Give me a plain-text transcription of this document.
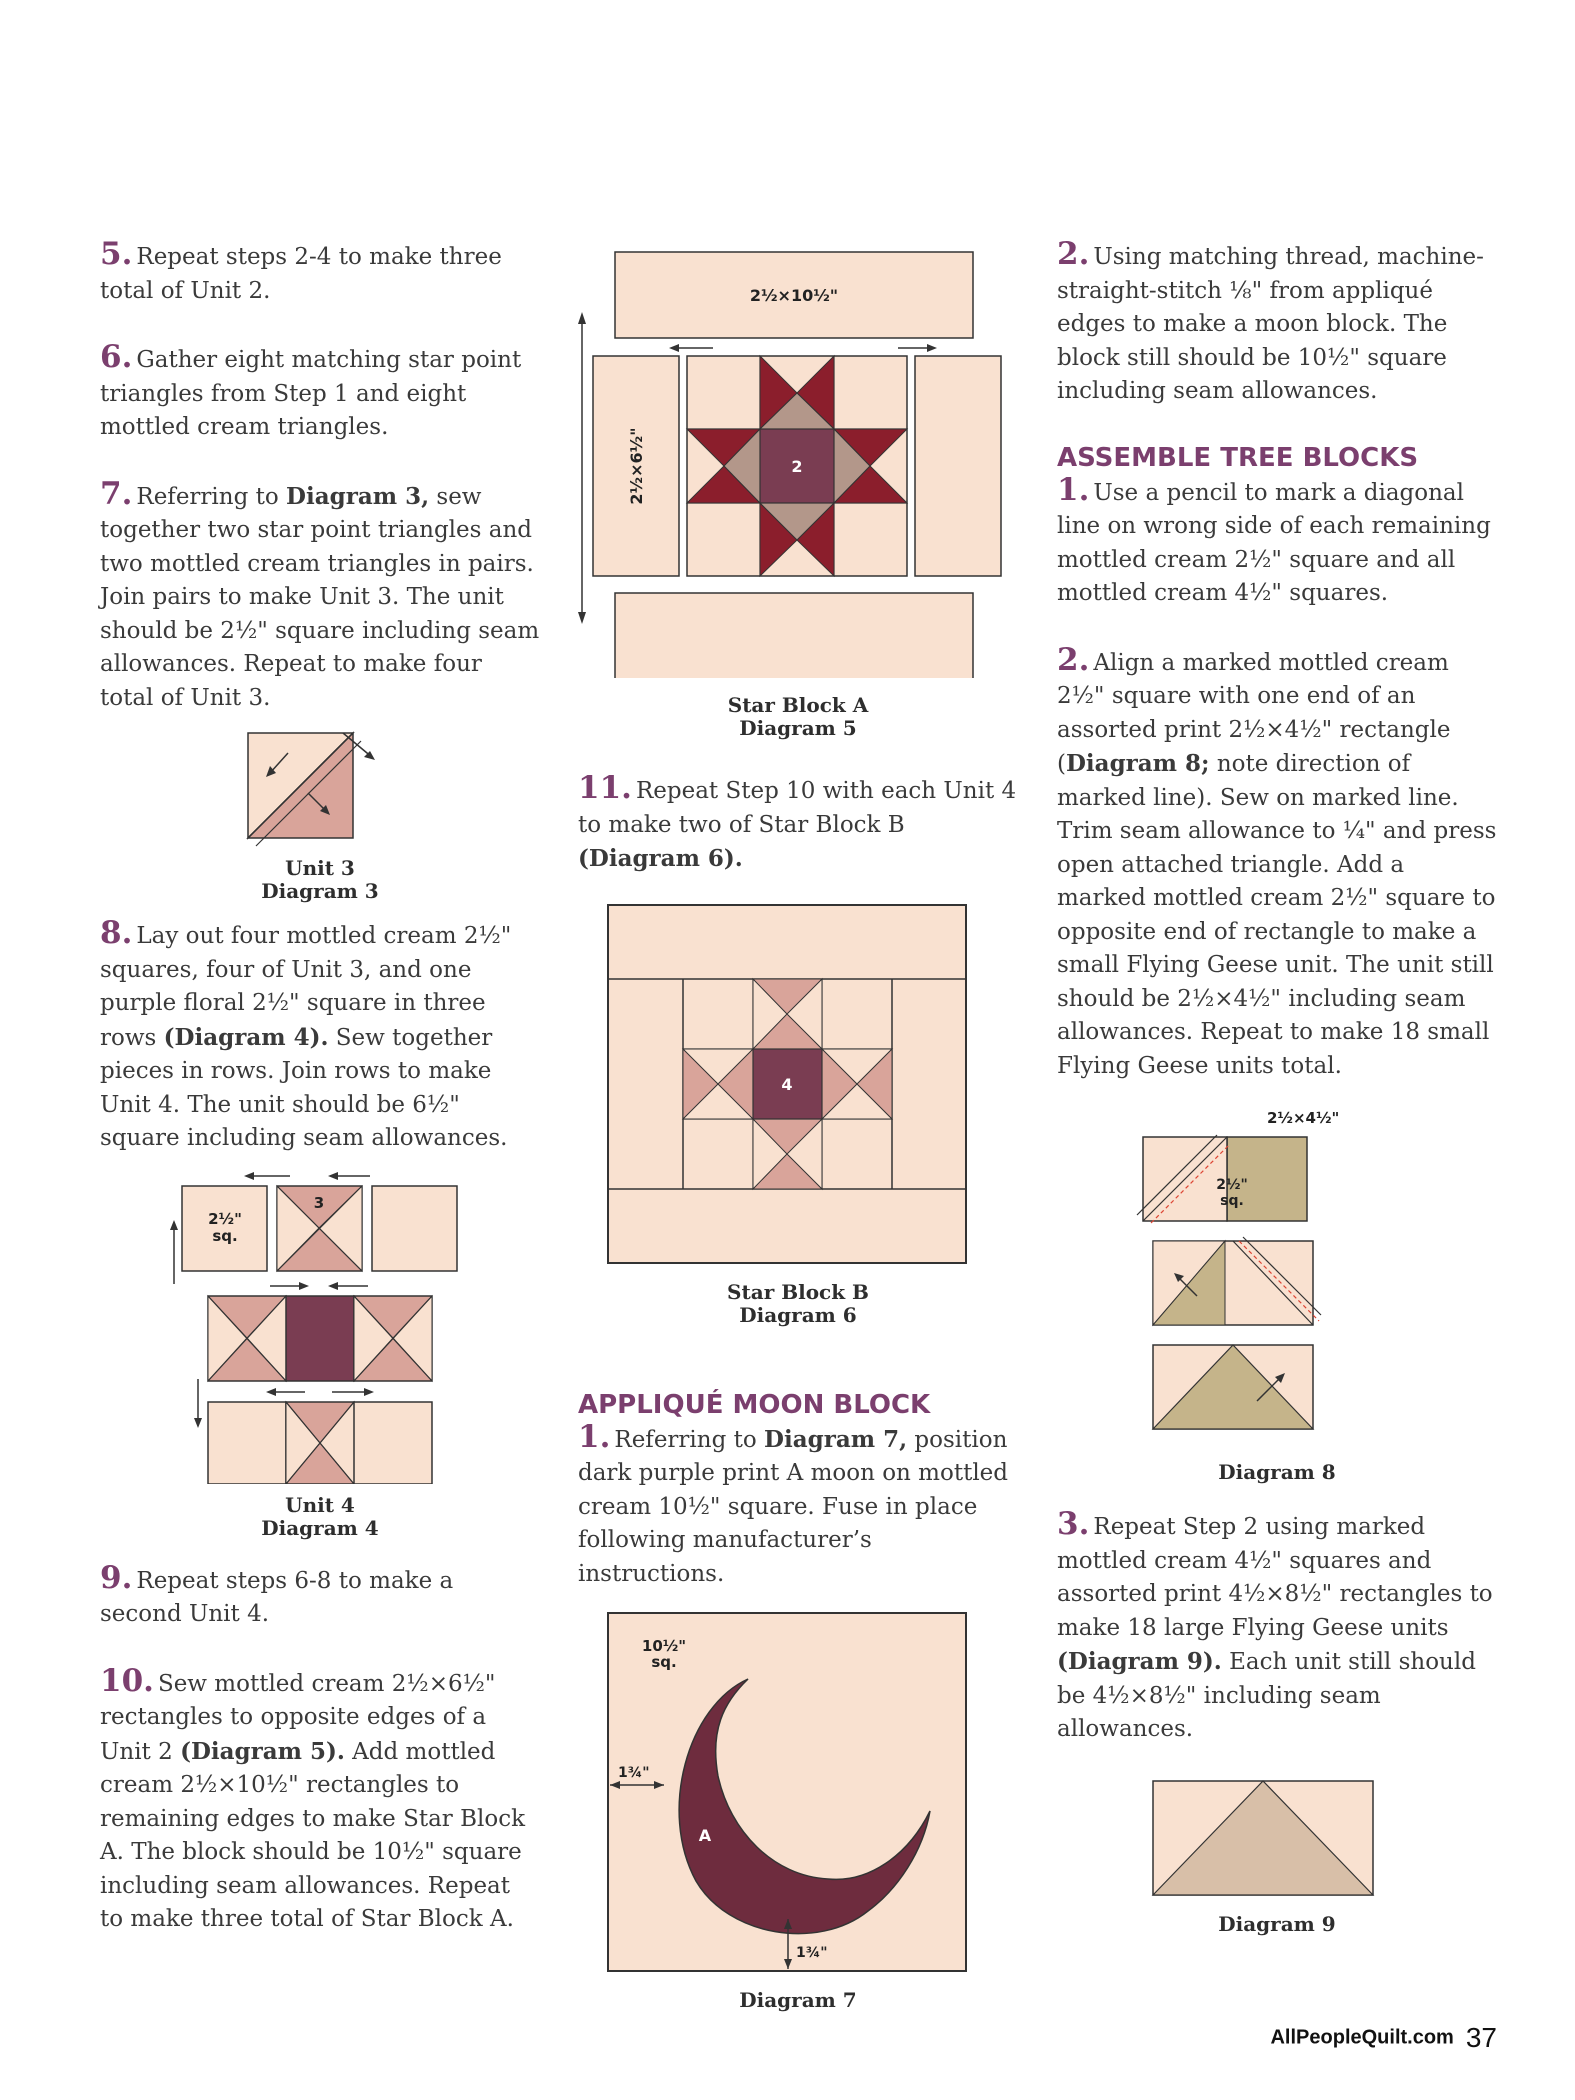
5. Repeat steps 2-4 to make three total of Unit 2.

6. Gather eight matching star point triangles from Step 1 and eight mottled cream triangles.

7. Referring to Diagram 3, sew together two star point triangles and two mottled cream triangles in pairs. Join pairs to make Unit 3. The unit should be 2½" square including seam allowances. Repeat to make four total of Unit 3.

Unit 3
Diagram 3

8. Lay out four mottled cream 2½" squares, four of Unit 3, and one purple floral 2½" square in three rows (Diagram 4). Sew together pieces in rows. Join rows to make Unit 4. The unit should be 6½" square including seam allowances.

2½"
sq.
3
Unit 4
Diagram 4

9. Repeat steps 6-8 to make a second Unit 4.

10. Sew mottled cream 2½×6½" rectangles to opposite edges of a Unit 2 (Diagram 5). Add mottled cream 2½×10½" rectangles to remaining edges to make Star Block A. The block should be 10½" square including seam allowances. Repeat to make three total of Star Block A.

2½×10½"
2½×6½"	2
Star Block A
Diagram 5

11. Repeat Step 10 with each Unit 4 to make two of Star Block B (Diagram 6).

4
Star Block B
Diagram 6
APPLIQUÉ MOON BLOCK

1. Referring to Diagram 7, position dark purple print A moon on mottled cream 10½" square. Fuse in place following manufacturer’s instructions.

10½"
sq.
A
1¾"
1¾"
Diagram 7

2. Using matching thread, machine-straight-stitch ⅛" from appliqué edges to make a moon block. The block still should be 10½" square including seam allowances.

ASSEMBLE TREE BLOCKS

1. Use a pencil to mark a diagonal line on wrong side of each remaining mottled cream 2½" square and all mottled cream 4½" squares.

2. Align a marked mottled cream 2½" square with one end of an assorted print 2½×4½" rectangle (Diagram 8; note direction of marked line). Sew on marked line. Trim seam allowance to ¼" and press open attached triangle. Add a marked mottled cream 2½" square to opposite end of rectangle to make a small Flying Geese unit. The unit still should be 2½×4½" including seam allowances. Repeat to make 18 small Flying Geese units total.

2½×4½"
2½"
sq.
Diagram 8

3. Repeat Step 2 using marked mottled cream 4½" squares and assorted print 4½×8½" rectangles to make 18 large Flying Geese units (Diagram 9). Each unit still should be 4½×8½" including seam allowances.

Diagram 9
AllPeopleQuilt.com 37
